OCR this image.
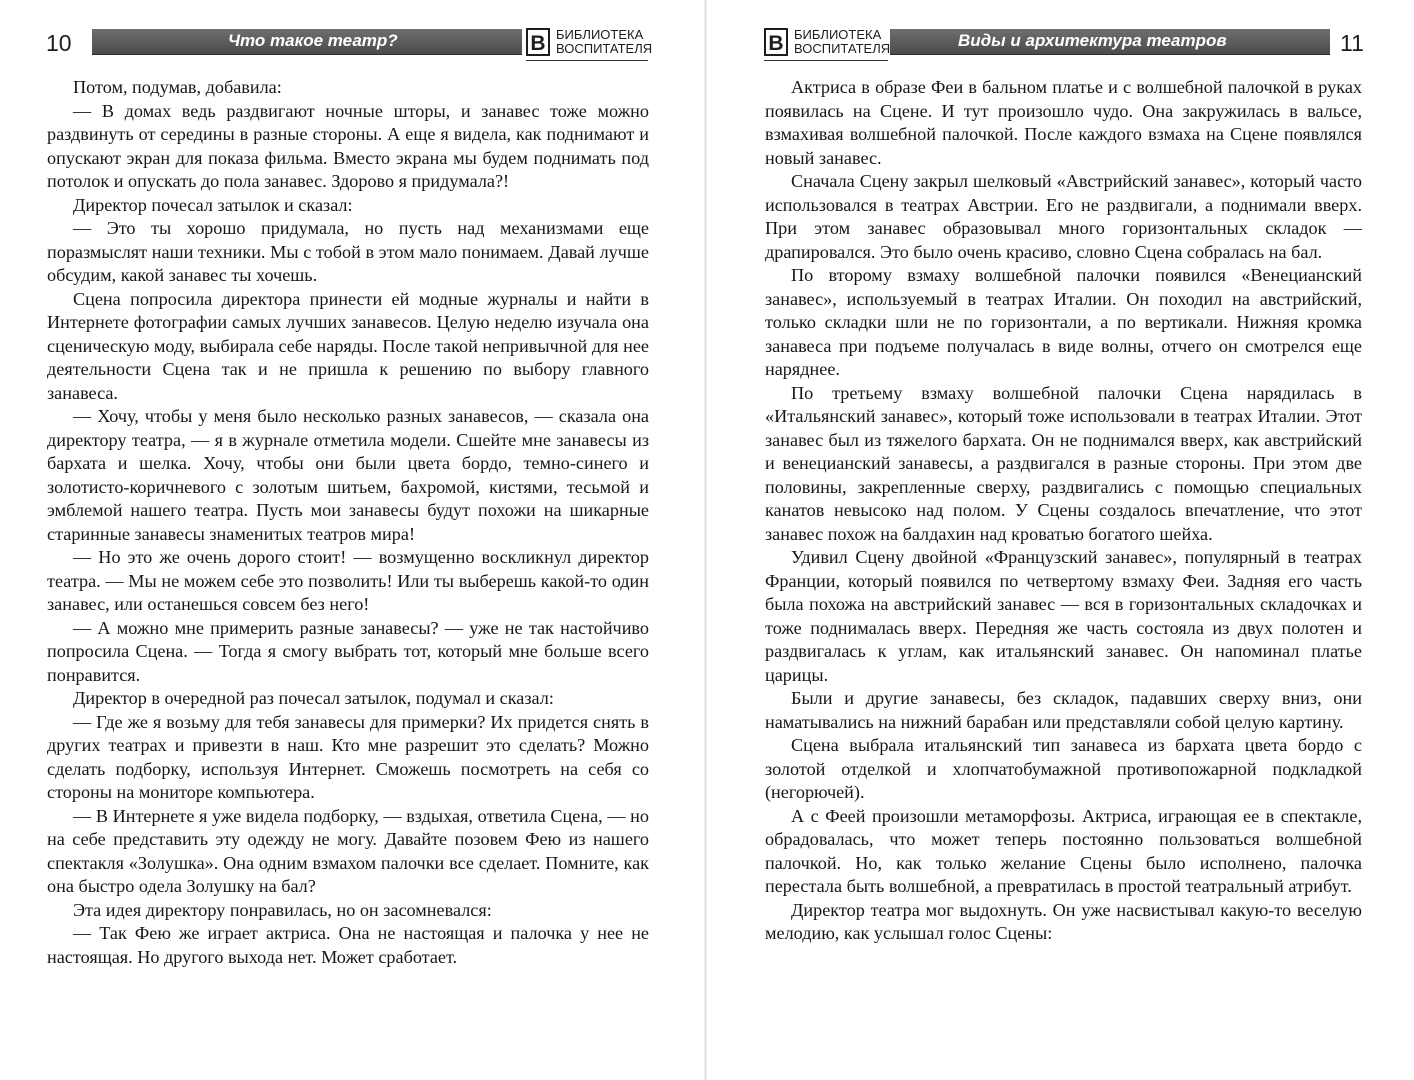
10	Что такое театр?	B БИБЛИОТЕКА
ВОСПИТАТЕЛЯ

Потом, подумав, добавила:

— В домах ведь раздвигают ночные шторы, и занавес тоже можно раздвинуть от середины в разные стороны. А еще я видела, как поднимают и опускают экран для показа фильма. Вместо экрана мы будем поднимать под потолок и опускать до пола занавес. Здорово я придумала?!

Директор почесал затылок и сказал:

— Это ты хорошо придумала, но пусть над механизмами еще поразмыслят наши техники. Мы с тобой в этом мало понимаем. Давай лучше обсудим, какой занавес ты хочешь.

Сцена попросила директора принести ей модные журналы и найти в Интернете фотографии самых лучших занавесов. Целую неделю изучала она сценическую моду, выбирала себе наряды. После такой непривычной для нее деятельности Сцена так и не пришла к решению по выбору главного занавеса.

— Хочу, чтобы у меня было несколько разных занавесов, — сказала она директору театра, — я в журнале отметила модели. Сшейте мне занавесы из бархата и шелка. Хочу, чтобы они были цвета бордо, темно-синего и золотисто-коричневого с золотым шитьем, бахромой, кистями, тесьмой и эмблемой нашего театра. Пусть мои занавесы будут похожи на шикарные старинные занавесы знаменитых театров мира!

— Но это же очень дорого стоит! — возмущенно воскликнул директор театра. — Мы не можем себе это позволить! Или ты выберешь какой-то один занавес, или останешься совсем без него!

— А можно мне примерить разные занавесы? — уже не так настойчиво попросила Сцена. — Тогда я смогу выбрать тот, который мне больше всего понравится.

Директор в очередной раз почесал затылок, подумал и сказал:

— Где же я возьму для тебя занавесы для примерки? Их придется снять в других театрах и привезти в наш. Кто мне разрешит это сделать? Можно сделать подборку, используя Интернет. Сможешь посмотреть на себя со стороны на мониторе компьютера.

— В Интернете я уже видела подборку, — вздыхая, ответила Сцена, — но на себе представить эту одежду не могу. Давайте позовем Фею из нашего спектакля «Золушка». Она одним взмахом палочки все сделает. Помните, как она быстро одела Золушку на бал?

Эта идея директору понравилась, но он засомневался:

— Так Фею же играет актриса. Она не настоящая и палочка у нее не настоящая. Но другого выхода нет. Может сработает.

B БИБЛИОТЕКА
ВОСПИТАТЕЛЯ	Виды и архитектура театров	11

Актриса в образе Феи в бальном платье и с волшебной палочкой в руках появилась на Сцене. И тут произошло чудо. Она закружилась в вальсе, взмахивая волшебной палочкой. После каждого взмаха на Сцене появлялся новый занавес.

Сначала Сцену закрыл шелковый «Австрийский занавес», который часто использовался в театрах Австрии. Его не раздвигали, а поднимали вверх. При этом занавес образовывал много горизонтальных складок — драпировался. Это было очень красиво, словно Сцена собралась на бал.

По второму взмаху волшебной палочки появился «Венецианский занавес», используемый в театрах Италии. Он походил на австрийский, только складки шли не по горизонтали, а по вертикали. Нижняя кромка занавеса при подъеме получалась в виде волны, отчего он смотрелся еще наряднее.

По третьему взмаху волшебной палочки Сцена нарядилась в «Итальянский занавес», который тоже использовали в театрах Италии. Этот занавес был из тяжелого бархата. Он не поднимался вверх, как австрийский и венецианский занавесы, а раздвигался в разные стороны. При этом две половины, закрепленные сверху, раздвигались с помощью специальных канатов невысоко над полом. У Сцены создалось впечатление, что этот занавес похож на балдахин над кроватью богатого шейха.

Удивил Сцену двойной «Французский занавес», популярный в театрах Франции, который появился по четвертому взмаху Феи. Задняя его часть была похожа на австрийский занавес — вся в горизонтальных складочках и тоже поднималась вверх. Передняя же часть состояла из двух полотен и раздвигалась к углам, как итальянский занавес. Он напоминал платье царицы.

Были и другие занавесы, без складок, падавших сверху вниз, они наматывались на нижний барабан или представляли собой целую картину.

Сцена выбрала итальянский тип занавеса из бархата цвета бордо с золотой отделкой и хлопчатобумажной противопожарной подкладкой (негорючей).

А с Феей произошли метаморфозы. Актриса, играющая ее в спектакле, обрадовалась, что может теперь постоянно пользоваться волшебной палочкой. Но, как только желание Сцены было исполнено, палочка перестала быть волшебной, а превратилась в простой театральный атрибут.

Директор театра мог выдохнуть. Он уже насвистывал какую-то веселую мелодию, как услышал голос Сцены:
